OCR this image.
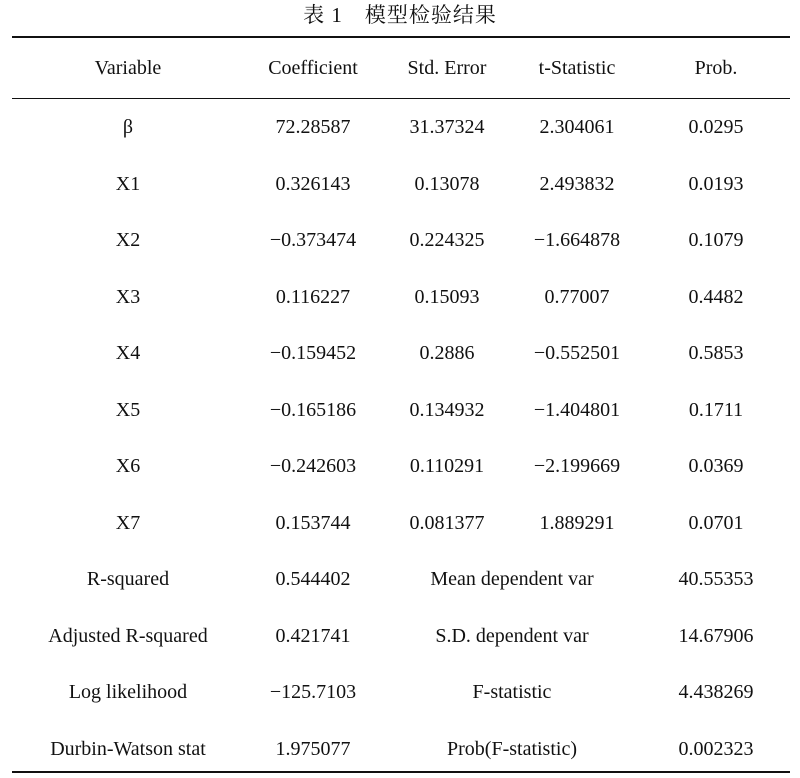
表 1　模型检验结果
Variable	Coefficient	Std. Error	t-Statistic	Prob.
β	72.28587	31.37324	2.304061	0.0295
X1	0.326143	0.13078	2.493832	0.0193
X2	−0.373474	0.224325	−1.664878	0.1079
X3	0.116227	0.15093	0.77007	0.4482
X4	−0.159452	0.2886	−0.552501	0.5853
X5	−0.165186	0.134932	−1.404801	0.1711
X6	−0.242603	0.110291	−2.199669	0.0369
X7	0.153744	0.081377	1.889291	0.0701
R-squared	0.544402	Mean dependent var		40.55353
Adjusted R-squared	0.421741	S.D. dependent var		14.67906
Log likelihood	−125.7103	F-statistic		4.438269
Durbin-Watson stat	1.975077	Prob(F-statistic)		0.002323
